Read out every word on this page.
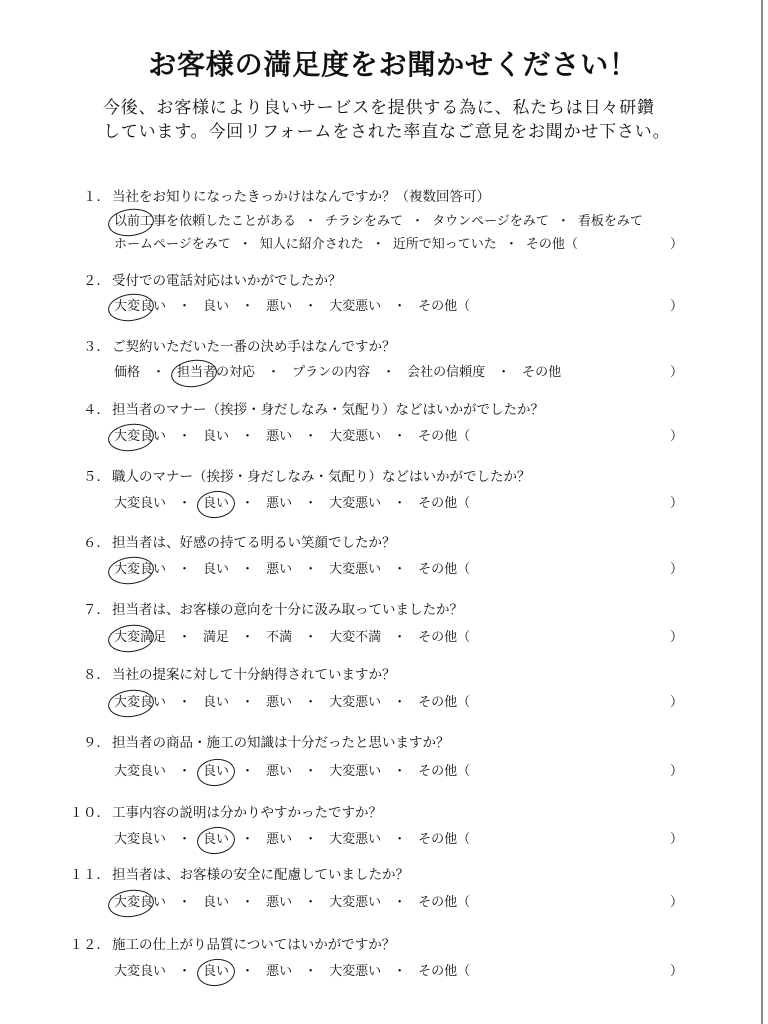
お客様の満足度をお聞かせください！

今後、お客様により良いサービスを提供する為に、私たちは日々研鑽

しています。今回リフォームをされた率直なご意見をお聞かせ下さい。

１． 当社をお知りになったきっかけはなんですか？（複数回答可）
以前工事を依頼したことがある ・ チラシをみて ・ タウンページをみて ・ 看板をみて
ホームページをみて ・ 知人に紹介された ・ 近所で知っていた ・ その他（	）
２． 受付での電話対応はいかがでしたか？
大変良い ・ 良い ・ 悪い ・ 大変悪い ・ その他（	）
３． ご契約いただいた一番の決め手はなんですか？
価格 ・ 担当者の対応 ・ プランの内容 ・ 会社の信頼度 ・ その他	）
４． 担当者のマナー（挨拶・身だしなみ・気配り）などはいかがでしたか？
大変良い ・ 良い ・ 悪い ・ 大変悪い ・ その他（	）
５． 職人のマナー（挨拶・身だしなみ・気配り）などはいかがでしたか？
大変良い ・ 良い ・ 悪い ・ 大変悪い ・ その他（	）
６． 担当者は、好感の持てる明るい笑顔でしたか？
大変良い ・ 良い ・ 悪い ・ 大変悪い ・ その他（	）
７． 担当者は、お客様の意向を十分に汲み取っていましたか？
大変満足 ・ 満足 ・ 不満 ・ 大変不満 ・ その他（	）
８． 当社の提案に対して十分納得されていますか？
大変良い ・ 良い ・ 悪い ・ 大変悪い ・ その他（	）
９． 担当者の商品・施工の知識は十分だったと思いますか？
大変良い ・ 良い ・ 悪い ・ 大変悪い ・ その他（	）
１０． 工事内容の説明は分かりやすかったですか？
大変良い ・ 良い ・ 悪い ・ 大変悪い ・ その他（	）
１１． 担当者は、お客様の安全に配慮していましたか？
大変良い ・ 良い ・ 悪い ・ 大変悪い ・ その他（	）
１２． 施工の仕上がり品質についてはいかがですか？
大変良い ・ 良い ・ 悪い ・ 大変悪い ・ その他（	）
